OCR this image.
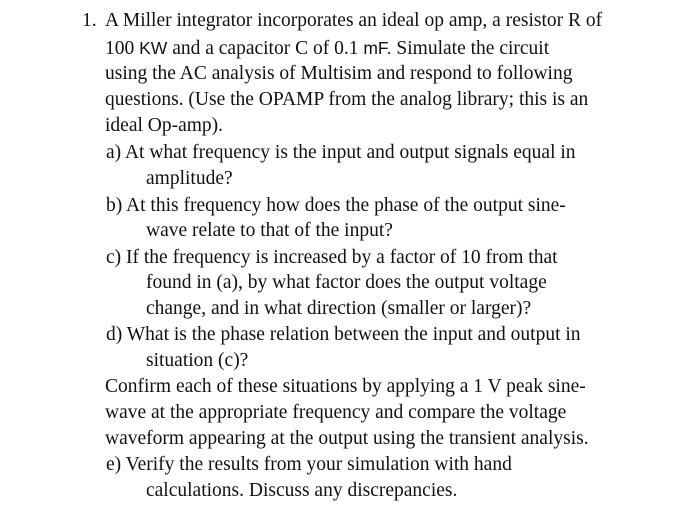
1. A Miller integrator incorporates an ideal op amp, a resistor R of
100 KW and a capacitor C of 0.1 mF. Simulate the circuit
using the AC analysis of Multisim and respond to following
questions. (Use the OPAMP from the analog library; this is an
ideal Op-amp).
a) At what frequency is the input and output signals equal in
amplitude?
b) At this frequency how does the phase of the output sine-
wave relate to that of the input?
c) If the frequency is increased by a factor of 10 from that
found in (a), by what factor does the output voltage
change, and in what direction (smaller or larger)?
d) What is the phase relation between the input and output in
situation (c)?
Confirm each of these situations by applying a 1 V peak sine-
wave at the appropriate frequency and compare the voltage
waveform appearing at the output using the transient analysis.
e) Verify the results from your simulation with hand
calculations. Discuss any discrepancies.
